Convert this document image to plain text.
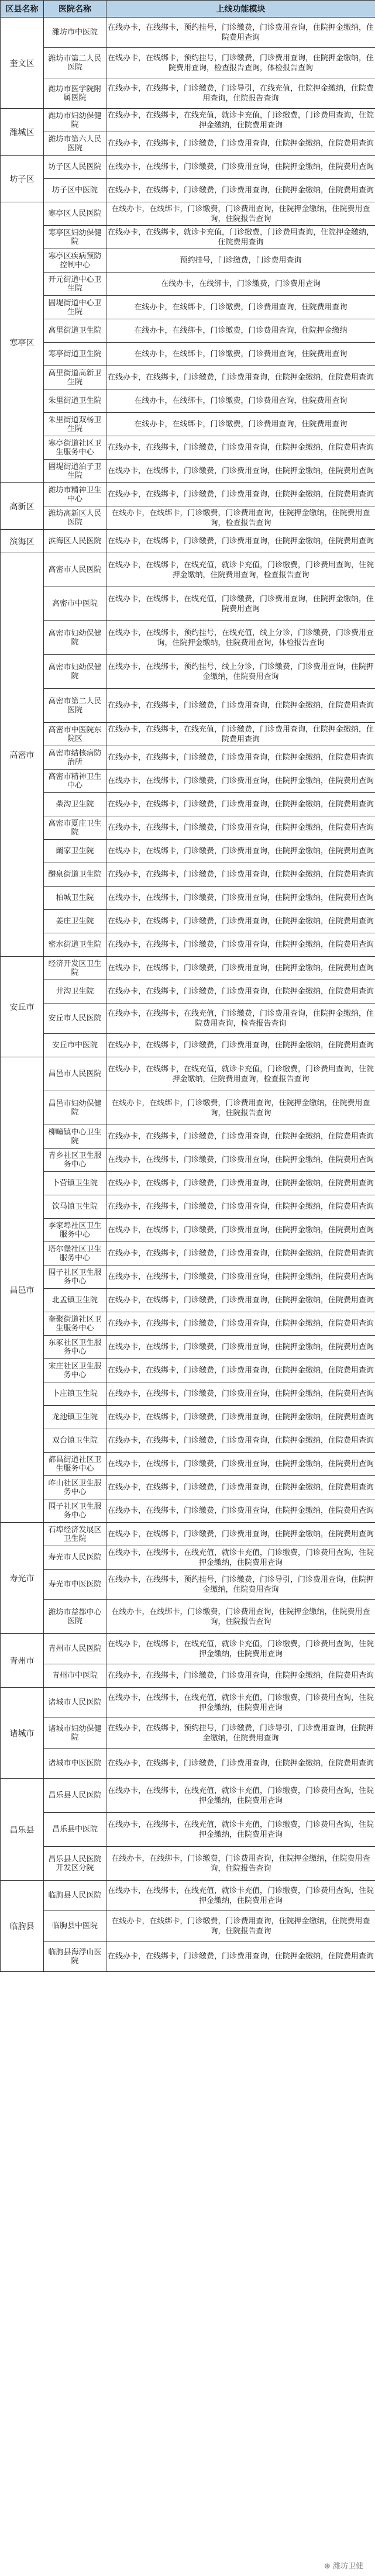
区县名称	医院名称	上线功能模块
奎文区	潍坊市中医院	在线办卡，在线绑卡，预约挂号，门诊缴费，门诊费用查询，住院押金缴纳，住院费用查询
	潍坊市第二人民医院	在线办卡，在线绑卡，预约挂号，门诊缴费，门诊费用查询，住院押金缴纳，住院费用查询，检查报告查询，体检报告查询
	潍坊市医学院附属医院	在线办卡，在线绑卡，门诊缴费，门诊导引，在线充值，住院押金缴纳，住院费用查询，住院报告查询
潍城区	潍坊市妇幼保健院	在线办卡，在线绑卡，在线充值，就诊卡充值，门诊缴费，门诊费用查询，住院押金缴纳，住院费用查询
	潍坊市第六人民医院	在线办卡，在线绑卡，门诊缴费，门诊费用查询，住院押金缴纳，住院费用查询
坊子区	坊子区人民医院	在线办卡，在线绑卡，门诊缴费，门诊费用查询，住院押金缴纳，住院费用查询
	坊子区中医院	在线办卡，在线绑卡，门诊缴费，门诊费用查询，住院押金缴纳，住院费用查询
寒亭区	寒亭区人民医院	在线办卡，在线绑卡，门诊缴费，门诊费用查询，住院押金缴纳，住院费用查询，住院报告查询
	寒亭区妇幼保健院	在线办卡，在线绑卡，就诊卡充值，门诊缴费，门诊费用查询，住院押金缴纳，住院费用查询
	寒亭区疾病预防控制中心	预约挂号，门诊缴费，门诊费用查询
	开元街道中心卫生院	在线办卡，在线绑卡，门诊缴费，门诊费用查询
	固堤街道中心卫生院	在线办卡，在线绑卡，门诊缴费，门诊费用查询，住院费用查询
	高里街道卫生院	在线办卡，在线绑卡，门诊缴费，门诊费用查询，住院押金缴纳
	寒亭街道卫生院	在线办卡，在线绑卡，门诊缴费，门诊费用查询，住院费用查询
	高里街道高新卫生院	在线办卡，在线绑卡，门诊缴费，门诊费用查询，住院押金缴纳，住院费用查询
	朱里街道卫生院	在线办卡，在线绑卡，门诊缴费，门诊费用查询，住院费用查询
	朱里街道双杨卫生院	在线办卡，在线绑卡，门诊缴费，门诊费用查询，住院费用查询
	寒亭街道社区卫生服务中心	在线办卡，在线绑卡，门诊缴费，门诊费用查询，住院押金缴纳，住院费用查询
	固堤街道泊子卫生院	在线办卡，在线绑卡，门诊缴费，门诊费用查询，住院押金缴纳，住院费用查询
高新区	潍坊市精神卫生中心	在线办卡，在线绑卡，门诊缴费，门诊费用查询，住院押金缴纳，住院费用查询
	潍坊高新区人民医院	在线办卡，在线绑卡，门诊缴费，门诊费用查询，住院押金缴纳，住院费用查询，检查报告查询
滨海区	滨海区人民医院	在线办卡，在线绑卡，门诊缴费，门诊费用查询，住院押金缴纳，住院费用查询
高密市	高密市人民医院	在线办卡，在线绑卡，在线充值，就诊卡充值，门诊缴费，门诊费用查询，住院押金缴纳，住院费用查询，检查报告查询
	高密市中医院	在线办卡，在线绑卡，在线充值，门诊缴费，门诊费用查询，住院押金缴纳，住院费用查询
	高密市妇幼保健院	在线办卡，在线绑卡，预约挂号，在线充值，线上分诊，门诊缴费，门诊费用查询，住院押金缴纳，住院费用查询，体检报告查询
	高密市妇幼保健院	在线办卡，在线绑卡，预约挂号，线上分诊，门诊缴费，门诊费用查询，住院押金缴纳，住院费用查询
	高密市第二人民医院	在线办卡，在线绑卡，门诊缴费，门诊费用查询，住院押金缴纳，住院费用查询
	高密市中医院东院区	在线办卡，在线绑卡，在线充值，门诊缴费，门诊费用查询，住院押金缴纳，住院费用查询
	高密市结核病防治所	在线办卡，在线绑卡，门诊缴费，门诊费用查询，住院押金缴纳，住院费用查询
	高密市精神卫生中心	在线办卡，在线绑卡，门诊缴费，门诊费用查询，住院押金缴纳，住院费用查询
	柴沟卫生院	在线办卡，在线绑卡，门诊缴费，门诊费用查询，住院押金缴纳，住院费用查询
	高密市夏庄卫生院	在线办卡，在线绑卡，门诊缴费，门诊费用查询，住院押金缴纳，住院费用查询
	阚家卫生院	在线办卡，在线绑卡，门诊缴费，门诊费用查询，住院押金缴纳，住院费用查询
	醴泉街道卫生院	在线办卡，在线绑卡，门诊缴费，门诊费用查询，住院押金缴纳，住院费用查询
	柏城卫生院	在线办卡，在线绑卡，门诊缴费，门诊费用查询，住院押金缴纳，住院费用查询
	姜庄卫生院	在线办卡，在线绑卡，门诊缴费，门诊费用查询，住院押金缴纳，住院费用查询
	密水街道卫生院	在线办卡，在线绑卡，门诊缴费，门诊费用查询，住院押金缴纳，住院费用查询
安丘市	经济开发区卫生院	在线办卡，在线绑卡，门诊缴费，门诊费用查询，住院押金缴纳，住院费用查询
	井沟卫生院	在线办卡，在线绑卡，门诊缴费，门诊费用查询，住院押金缴纳，住院费用查询
	安丘市人民医院	在线办卡，在线绑卡，在线充值，门诊缴费，门诊费用查询，住院押金缴纳，住院费用查询，检查报告查询
	安丘市中医院	在线办卡，在线绑卡，门诊缴费，门诊费用查询，住院押金缴纳，住院费用查询
昌邑市	昌邑市人民医院	在线办卡，在线绑卡，在线充值，就诊卡充值，门诊缴费，门诊费用查询，住院押金缴纳，住院费用查询，检查报告查询
	昌邑市妇幼保健院	在线办卡，在线绑卡，门诊缴费，门诊费用查询，住院押金缴纳，住院费用查询，住院报告查询
	柳疃镇中心卫生院	在线办卡，在线绑卡，门诊缴费，门诊费用查询，住院押金缴纳，住院费用查询
	青乡社区卫生服务中心	在线办卡，在线绑卡，门诊缴费，门诊费用查询，住院押金缴纳，住院费用查询
	卜营镇卫生院	在线办卡，在线绑卡，门诊缴费，门诊费用查询，住院押金缴纳，住院费用查询
	饮马镇卫生院	在线办卡，在线绑卡，门诊缴费，门诊费用查询，住院押金缴纳，住院费用查询
	李家埠社区卫生服务中心	在线办卡，在线绑卡，门诊缴费，门诊费用查询，住院押金缴纳，住院费用查询
	塔尔堡社区卫生服务中心	在线办卡，在线绑卡，门诊缴费，门诊费用查询，住院押金缴纳，住院费用查询
	围子社区卫生服务中心	在线办卡，在线绑卡，门诊缴费，门诊费用查询，住院押金缴纳，住院费用查询
	北孟镇卫生院	在线办卡，在线绑卡，门诊缴费，门诊费用查询，住院押金缴纳，住院费用查询
	奎聚街道社区卫生服务中心	在线办卡，在线绑卡，门诊缴费，门诊费用查询，住院押金缴纳，住院费用查询
	东冢社区卫生服务中心	在线办卡，在线绑卡，门诊缴费，门诊费用查询，住院押金缴纳，住院费用查询
	宋庄社区卫生服务中心	在线办卡，在线绑卡，门诊缴费，门诊费用查询，住院押金缴纳，住院费用查询
	卜庄镇卫生院	在线办卡，在线绑卡，门诊缴费，门诊费用查询，住院押金缴纳，住院费用查询
	龙池镇卫生院	在线办卡，在线绑卡，门诊缴费，门诊费用查询，住院押金缴纳，住院费用查询
	双台镇卫生院	在线办卡，在线绑卡，门诊缴费，门诊费用查询，住院押金缴纳，住院费用查询
	都昌街道社区卫生服务中心	在线办卡，在线绑卡，门诊缴费，门诊费用查询，住院押金缴纳，住院费用查询
	岞山社区卫生服务中心	在线办卡，在线绑卡，门诊缴费，门诊费用查询，住院押金缴纳，住院费用查询
	围子社区卫生服务中心	在线办卡，在线绑卡，门诊缴费，门诊费用查询，住院押金缴纳，住院费用查询
寿光市	石埠经济发展区卫生院	在线办卡，在线绑卡，门诊缴费，门诊费用查询，住院押金缴纳，住院费用查询
	寿光市人民医院	在线办卡，在线绑卡，在线充值，就诊卡充值，门诊缴费，门诊费用查询，住院押金缴纳，住院费用查询
	寿光市中医医院	在线办卡，在线绑卡，预约挂号，门诊缴费，门诊导引，门诊费用查询，住院押金缴纳，住院费用查询
	潍坊市益都中心医院	在线办卡，在线绑卡，门诊缴费，门诊费用查询，住院押金缴纳，住院费用查询，住院报告查询
青州市	青州市人民医院	在线办卡，在线绑卡，在线充值，就诊卡充值，门诊缴费，门诊费用查询，住院押金缴纳，住院费用查询
	青州市中医院	在线办卡，在线绑卡，门诊缴费，门诊费用查询，住院押金缴纳，住院费用查询
诸城市	诸城市人民医院	在线办卡，在线绑卡，在线充值，就诊卡充值，门诊缴费，门诊费用查询，住院押金缴纳，住院费用查询
	诸城市妇幼保健院	在线办卡，在线绑卡，预约挂号，门诊缴费，门诊导引，门诊费用查询，住院押金缴纳，住院费用查询
	诸城市中医医院	在线办卡，在线绑卡，门诊缴费，门诊费用查询，住院押金缴纳，住院费用查询
昌乐县	昌乐县人民医院	在线办卡，在线绑卡，在线充值，就诊卡充值，门诊缴费，门诊费用查询，住院押金缴纳，住院费用查询
	昌乐县中医院	在线办卡，在线绑卡，在线充值，就诊卡充值，门诊缴费，门诊费用查询，住院押金缴纳，住院费用查询
	昌乐县人民医院开发区分院	在线办卡，在线绑卡，门诊缴费，门诊费用查询，住院押金缴纳，住院费用查询，住院报告查询
临朐县	临朐县人民医院	在线办卡，在线绑卡，在线充值，就诊卡充值，门诊缴费，门诊费用查询，住院押金缴纳，住院费用查询
	临朐县中医院	在线办卡，在线绑卡，门诊缴费，门诊费用查询，住院押金缴纳，住院费用查询，住院报告查询
	临朐县海浮山医院	在线办卡，在线绑卡，门诊缴费，门诊费用查询，住院押金缴纳，住院费用查询
⊕ 潍坊卫健
